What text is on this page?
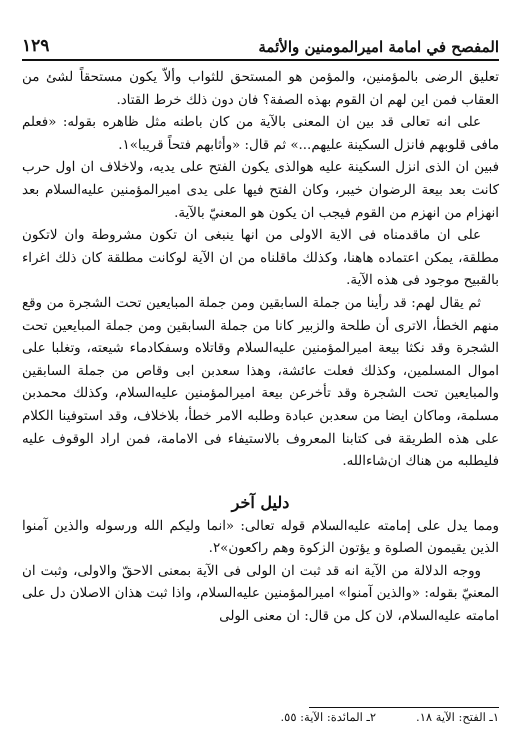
المفصح في امامة اميرالمومنين والأئمة
١٢٩

تعليق الرضى بالمؤمنين، والمؤمن هو المستحق للثواب وألاّ يكون مستحقاً لشئ من العقاب فمن اين لهم ان القوم بهذه الصفة؟ فان دون ذلك خرط القتاد.

على انه تعالى قد بين ان المعنى بالآية من كان باطنه مثل ظاهره بقوله: «فعلم مافى قلوبهم فانزل السكينة عليهم...» ثم قال: «وأثابهم فتحاً قريبا»١.

فبين ان الذى انزل السكينة عليه هوالذى يكون الفتح على يديه، ولاخلاف ان اول حرب كانت بعد بيعة الرضوان خيبر، وكان الفتح فيها على يدى اميرالمؤمنين عليه‌السلام بعد انهزام من انهزم من القوم فيجب ان يكون هو المعنيّ بالآية.

على ان ماقدمناه فى الاية الاولى من انها ينبغى ان تكون مشروطة وان لاتكون مطلقة، يمكن اعتماده هاهنا، وكذلك ماقلناه من ان الآية لوكانت مطلقة كان ذلك اغراء بالقبيح موجود فى هذه الآية.

ثم يقال لهم: قد رأينا من جملة السابقين ومن جملة المبايعين تحت الشجرة من وقع منهم الخطأ، الاترى أن طلحة والزبير كانا من جملة السابقين ومن جملة المبايعين تحت الشجرة وقد نكثا بيعة اميرالمؤمنين عليه‌السلام وقاتلاه وسفكادماء شيعته، وتغلبا على اموال المسلمين، وكذلك فعلت عائشة، وهذا سعدبن ابى وقاص من جملة السابقين والمبايعين تحت الشجرة وقد تأخرعن بيعة اميرالمؤمنين عليه‌السلام، وكذلك محمدبن مسلمة، وماكان ايضا من سعدبن عبادة وطلبه الامر خطأ، بلاخلاف، وقد استوفينا الكلام على هذه الطريقة فى كتابنا المعروف بالاستيفاء فى الامامة، فمن اراد الوقوف عليه فليطلبه من هناك ان‌شاءالله.

دليل آخر

ومما يدل على إمامته عليه‌السلام قوله تعالى: «انما وليكم الله ورسوله والذين آمنوا الذين يقيمون الصلوة و يؤتون الزكوة وهم راكعون»٢.

ووجه الدلالة من الآية انه قد ثبت ان الولى فى الآية بمعنى الاحقّ والاولى، وثبت ان المعنيّ بقوله: «والذين آمنوا» اميرالمؤمنين عليه‌السلام، واذا ثبت هذان الاصلان دل على امامته عليه‌السلام، لان كل من قال: ان معنى الولى

١ـ الفتح: الآية ١٨.
٢ـ المائدة: الآية: ٥٥.
